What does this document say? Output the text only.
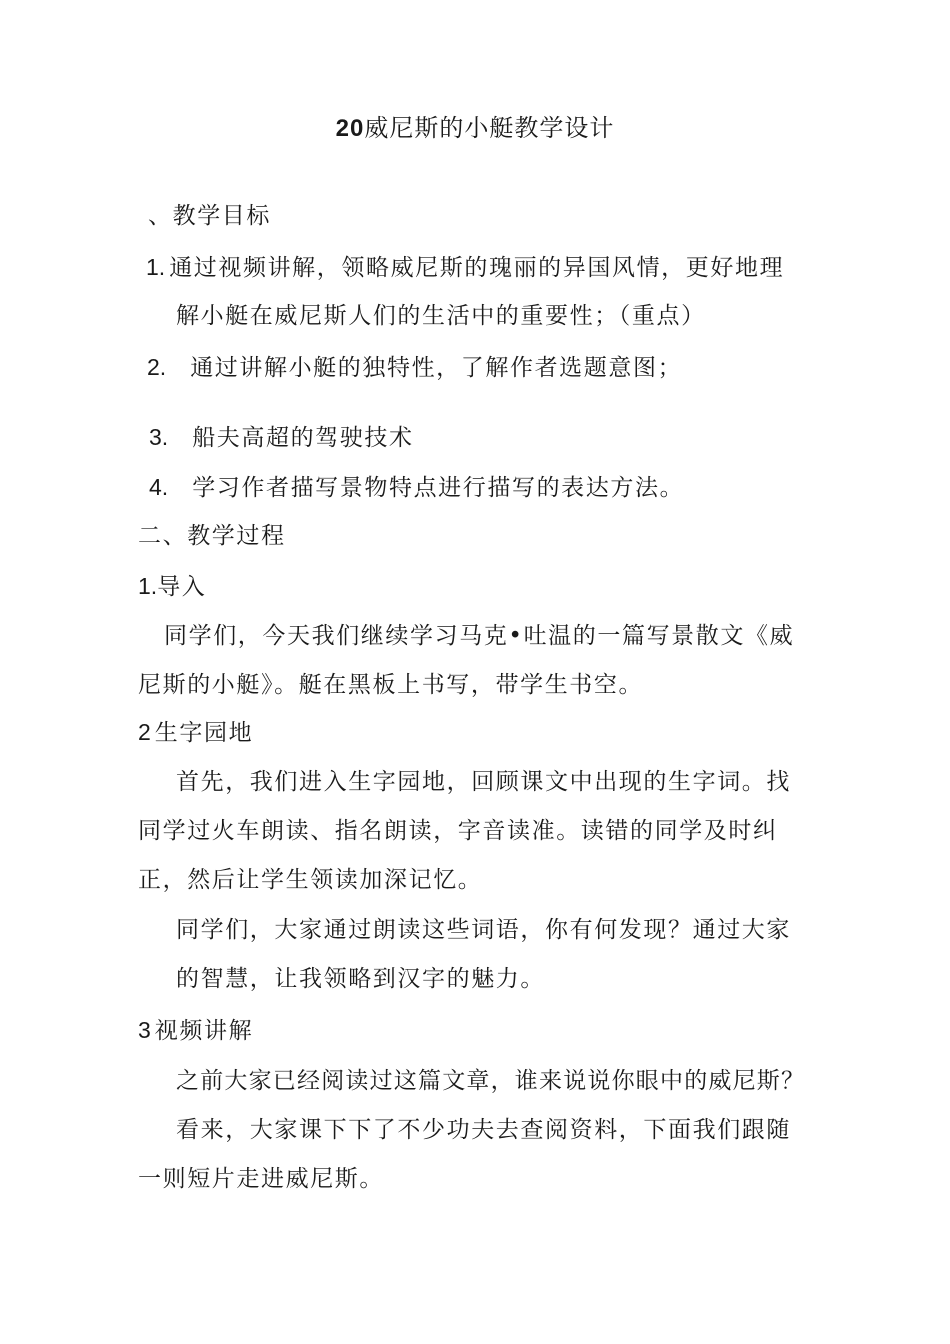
20威尼斯的小艇教学设计
、教学目标
1. 通过视频讲解，领略威尼斯的瑰丽的异国风情，更好地理
解小艇在威尼斯人们的生活中的重要性；（重点）
2. 通过讲解小艇的独特性，了解作者选题意图；
3. 船夫高超的驾驶技术
4. 学习作者描写景物特点进行描写的表达方法。
二、教学过程
1.导入
同学们，今天我们继续学习马克•吐温的一篇写景散文《威
尼斯的小艇》。艇在黑板上书写，带学生书空。
2 生字园地
首先，我们进入生字园地，回顾课文中出现的生字词。找
同学过火车朗读、指名朗读，字音读准。读错的同学及时纠
正，然后让学生领读加深记忆。
同学们，大家通过朗读这些词语，你有何发现？通过大家
的智慧，让我领略到汉字的魅力。
3 视频讲解
之前大家已经阅读过这篇文章，谁来说说你眼中的威尼斯？
看来，大家课下下了不少功夫去查阅资料，下面我们跟随
一则短片走进威尼斯。
